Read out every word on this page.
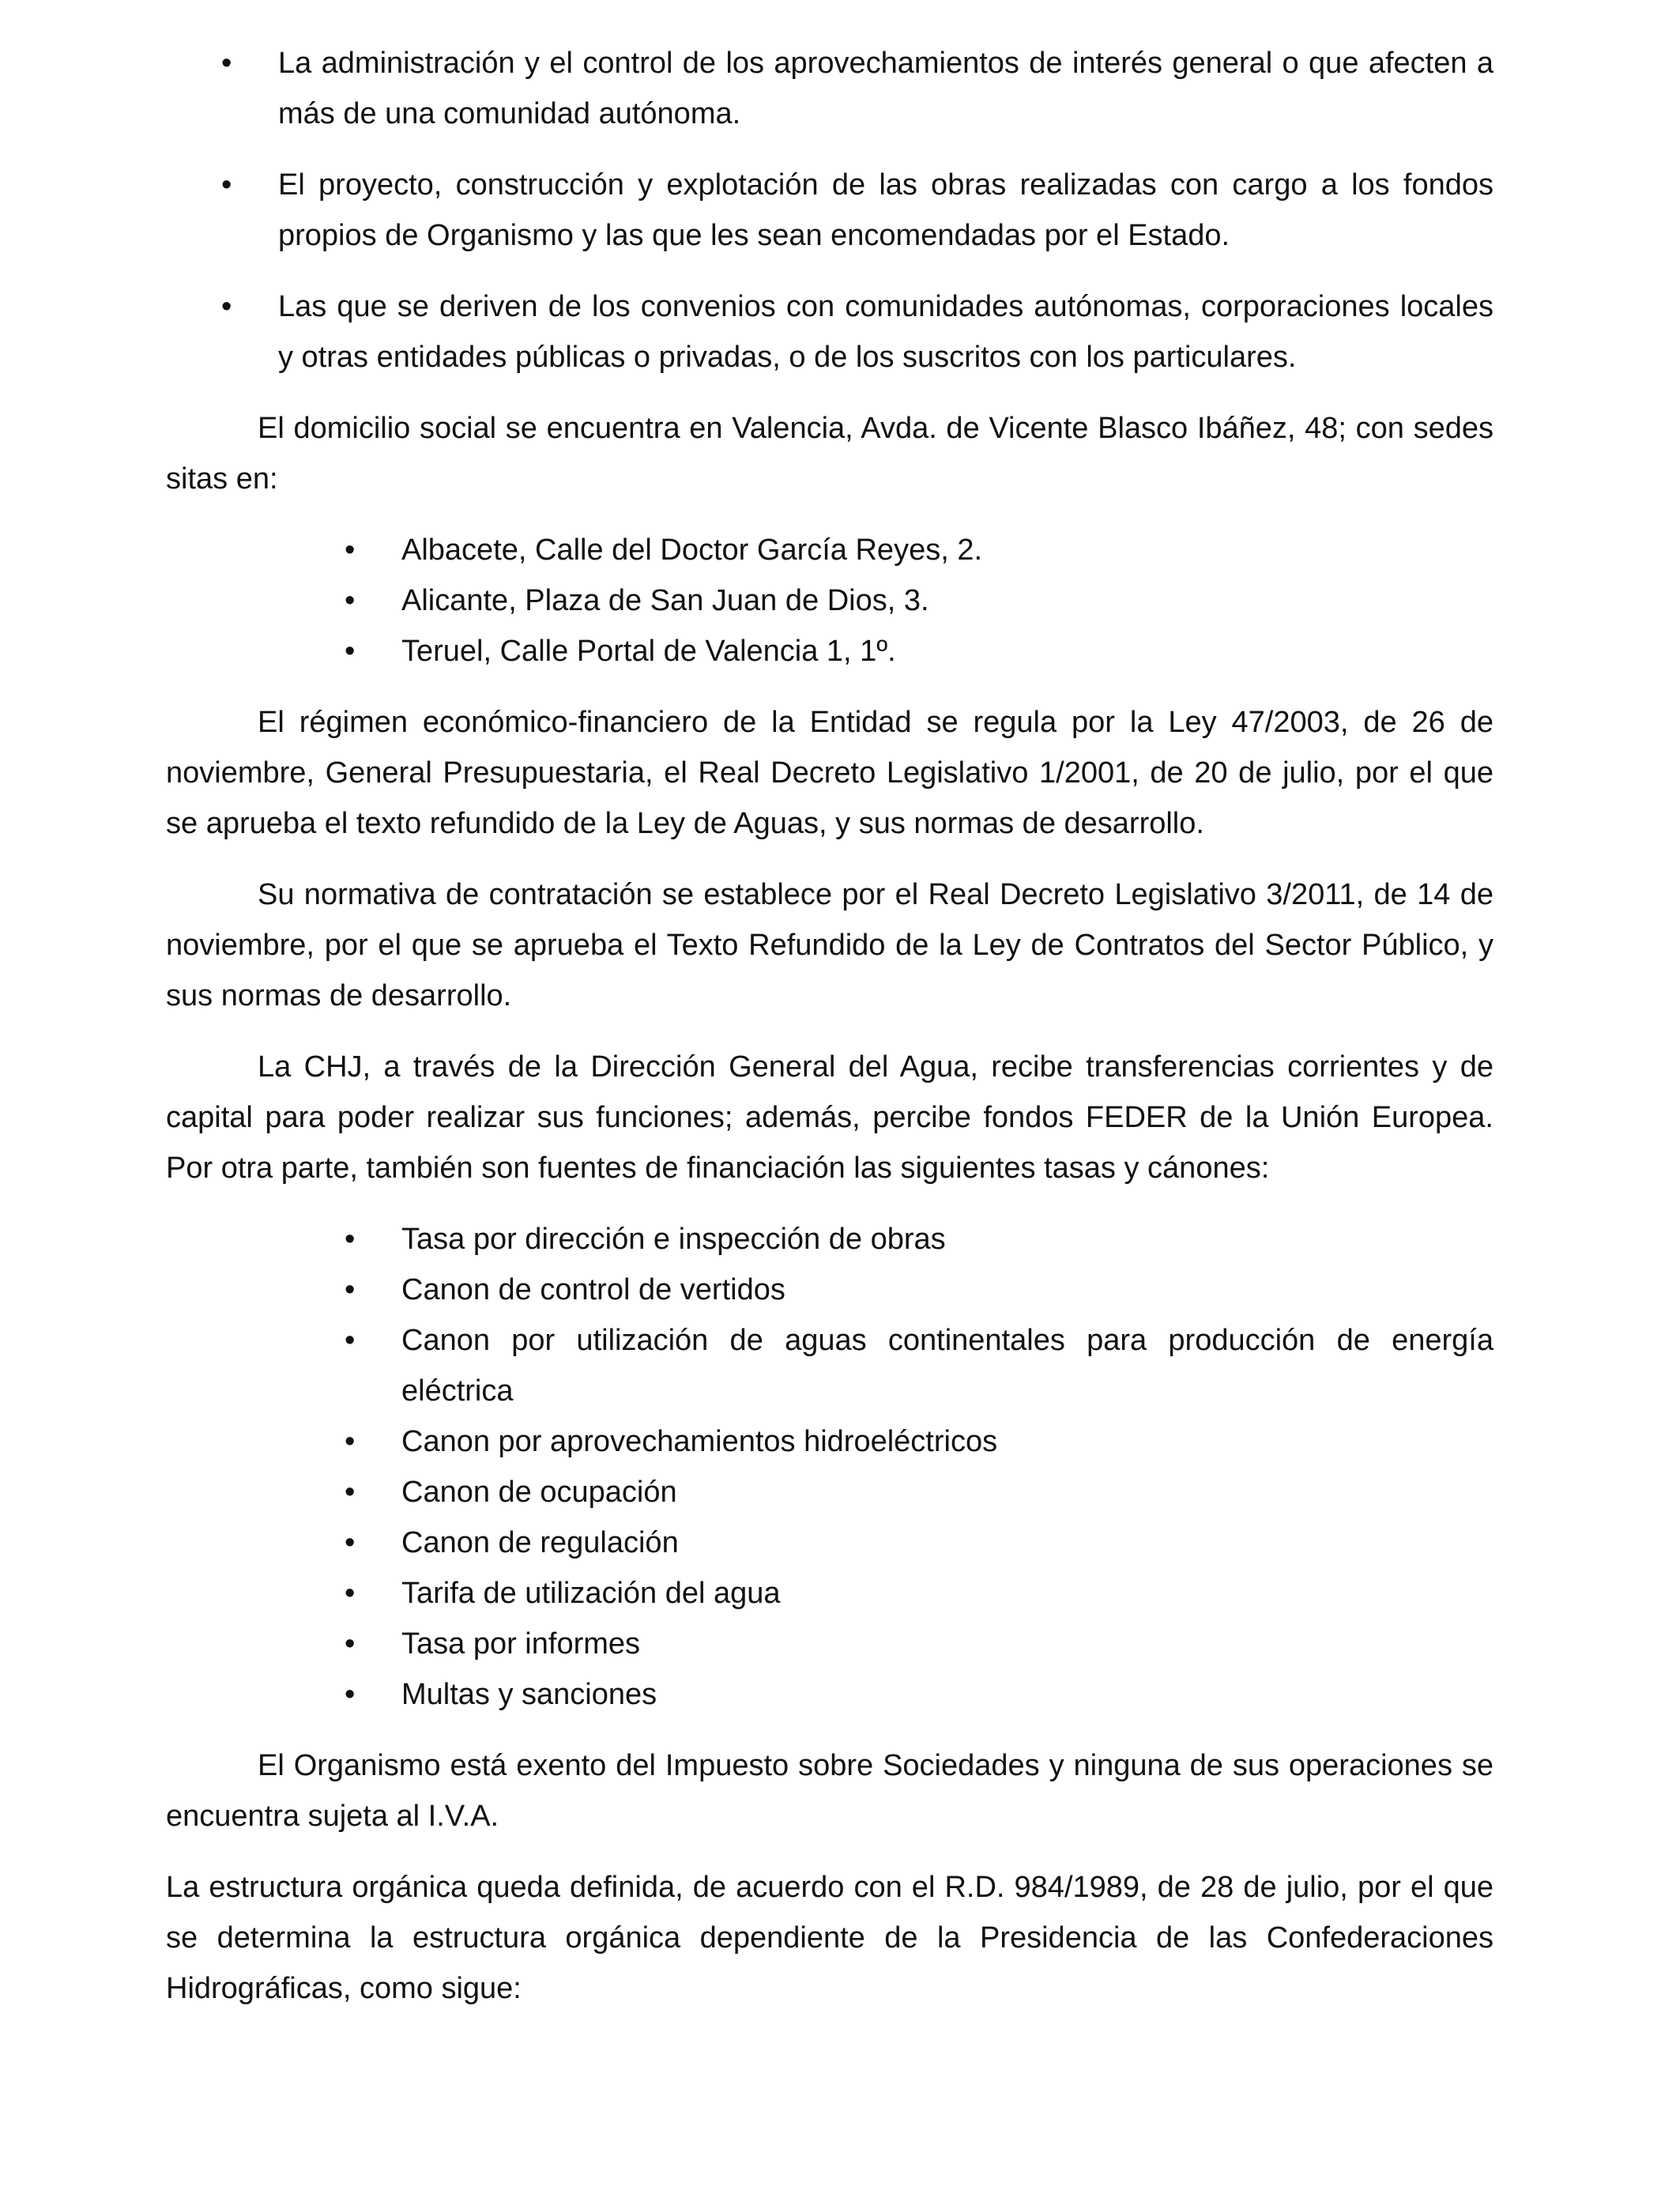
• La administración y el control de los aprovechamientos de interés general o que afecten a más de una comunidad autónoma.
• El proyecto, construcción y explotación de las obras realizadas con cargo a los fondos propios de Organismo y las que les sean encomendadas por el Estado.
• Las que se deriven de los convenios con comunidades autónomas, corporaciones locales y otras entidades públicas o privadas, o de los suscritos con los particulares.

El domicilio social se encuentra en Valencia, Avda. de Vicente Blasco Ibáñez, 48; con sedes sitas en:

• Albacete, Calle del Doctor García Reyes, 2.
• Alicante, Plaza de San Juan de Dios, 3.
• Teruel, Calle Portal de Valencia 1, 1º.

El régimen económico-financiero de la Entidad se regula por la Ley 47/2003, de 26 de noviembre, General Presupuestaria, el Real Decreto Legislativo 1/2001, de 20 de julio, por el que se aprueba el texto refundido de la Ley de Aguas, y sus normas de desarrollo.

Su normativa de contratación se establece por el Real Decreto Legislativo 3/2011, de 14 de noviembre, por el que se aprueba el Texto Refundido de la Ley de Contratos del Sector Público, y sus normas de desarrollo.

La CHJ, a través de la Dirección General del Agua, recibe transferencias corrientes y de capital para poder realizar sus funciones; además, percibe fondos FEDER de la Unión Europea. Por otra parte, también son fuentes de financiación las siguientes tasas y cánones:

• Tasa por dirección e inspección de obras
• Canon de control de vertidos
• Canon por utilización de aguas continentales para producción de energía eléctrica
• Canon por aprovechamientos hidroeléctricos
• Canon de ocupación
• Canon de regulación
• Tarifa de utilización del agua
• Tasa por informes
• Multas y sanciones

El Organismo está exento del Impuesto sobre Sociedades y ninguna de sus operaciones se encuentra sujeta al I.V.A.

La estructura orgánica queda definida, de acuerdo con el R.D. 984/1989, de 28 de julio, por el que se determina la estructura orgánica dependiente de la Presidencia de las Confederaciones Hidrográficas, como sigue:
